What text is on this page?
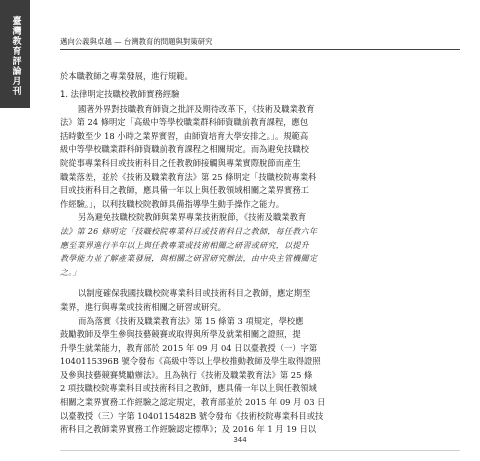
臺灣教育評論月刊	邁向公義與卓越 — 台灣教育的問題與對策研究
於本職教師之專業發展，進行規範。
1. 法律明定技職校教師實務經驗
國著外界對技職教育師資之批評及期待改革下，《技術及職業教育
法》第 24 條明定「高級中等學校職業群科師資職前教育課程，應包
括時數至少 18 小時之業界實習，由師資培育大學安排之。」。規範高
級中等學校職業群科師資職前教育課程之相關規定。而為避免技職校
院從事專業科目或技術科目之任教教師接觸與專業實際脫節而產生
職業落差，並於《技術及職業教育法》第 25 條明定「技職校院專業科
目或技術科目之教師，應具備一年以上與任教領域相關之業界實務工
作經驗。」，以利技職校院教師具備指導學生動手操作之能力。
另為避免技職校院教師與業界專業技術脫節，《技術及職業教育
法》第 26 條明定「技職校院專業科目或技術科目之教師，每任教六年
應至業界進行半年以上與任教專業或技術相關之研習或研究，以提升
教學能力並了解產業發展，與相關之研習研究辦法，由中央主管機關定
之。」
以制度確保我國技職校院專業科目或技術科目之教師，應定期至
業界，進行與專業或技術相關之研習或研究。
而為落實《技術及職業教育法》第 15 條第 3 項規定，學校應
鼓勵教師及學生參與技藝競賽或取得與所學及就業相關之證照，提
升學生就業能力，教育部於 2015 年 09 月 04 日以臺教授（一）字第
1040115396B 號令發布《高級中等以上學校推動教師及學生取得證照
及參與技藝競賽獎勵辦法》。且為執行《技術及職業教育法》第 25 條
2 項技職校院專業科目或技術科目之教師，應具備一年以上與任教領域
相關之業界實務工作經驗之認定規定，教育部並於 2015 年 09 月 03 日
以臺教授（三）字第 1040115482B 號令發布《技術校院專業科目或技
術科目之教師業界實務工作經驗認定標準》；及 2016 年 1 月 19 日以
344
